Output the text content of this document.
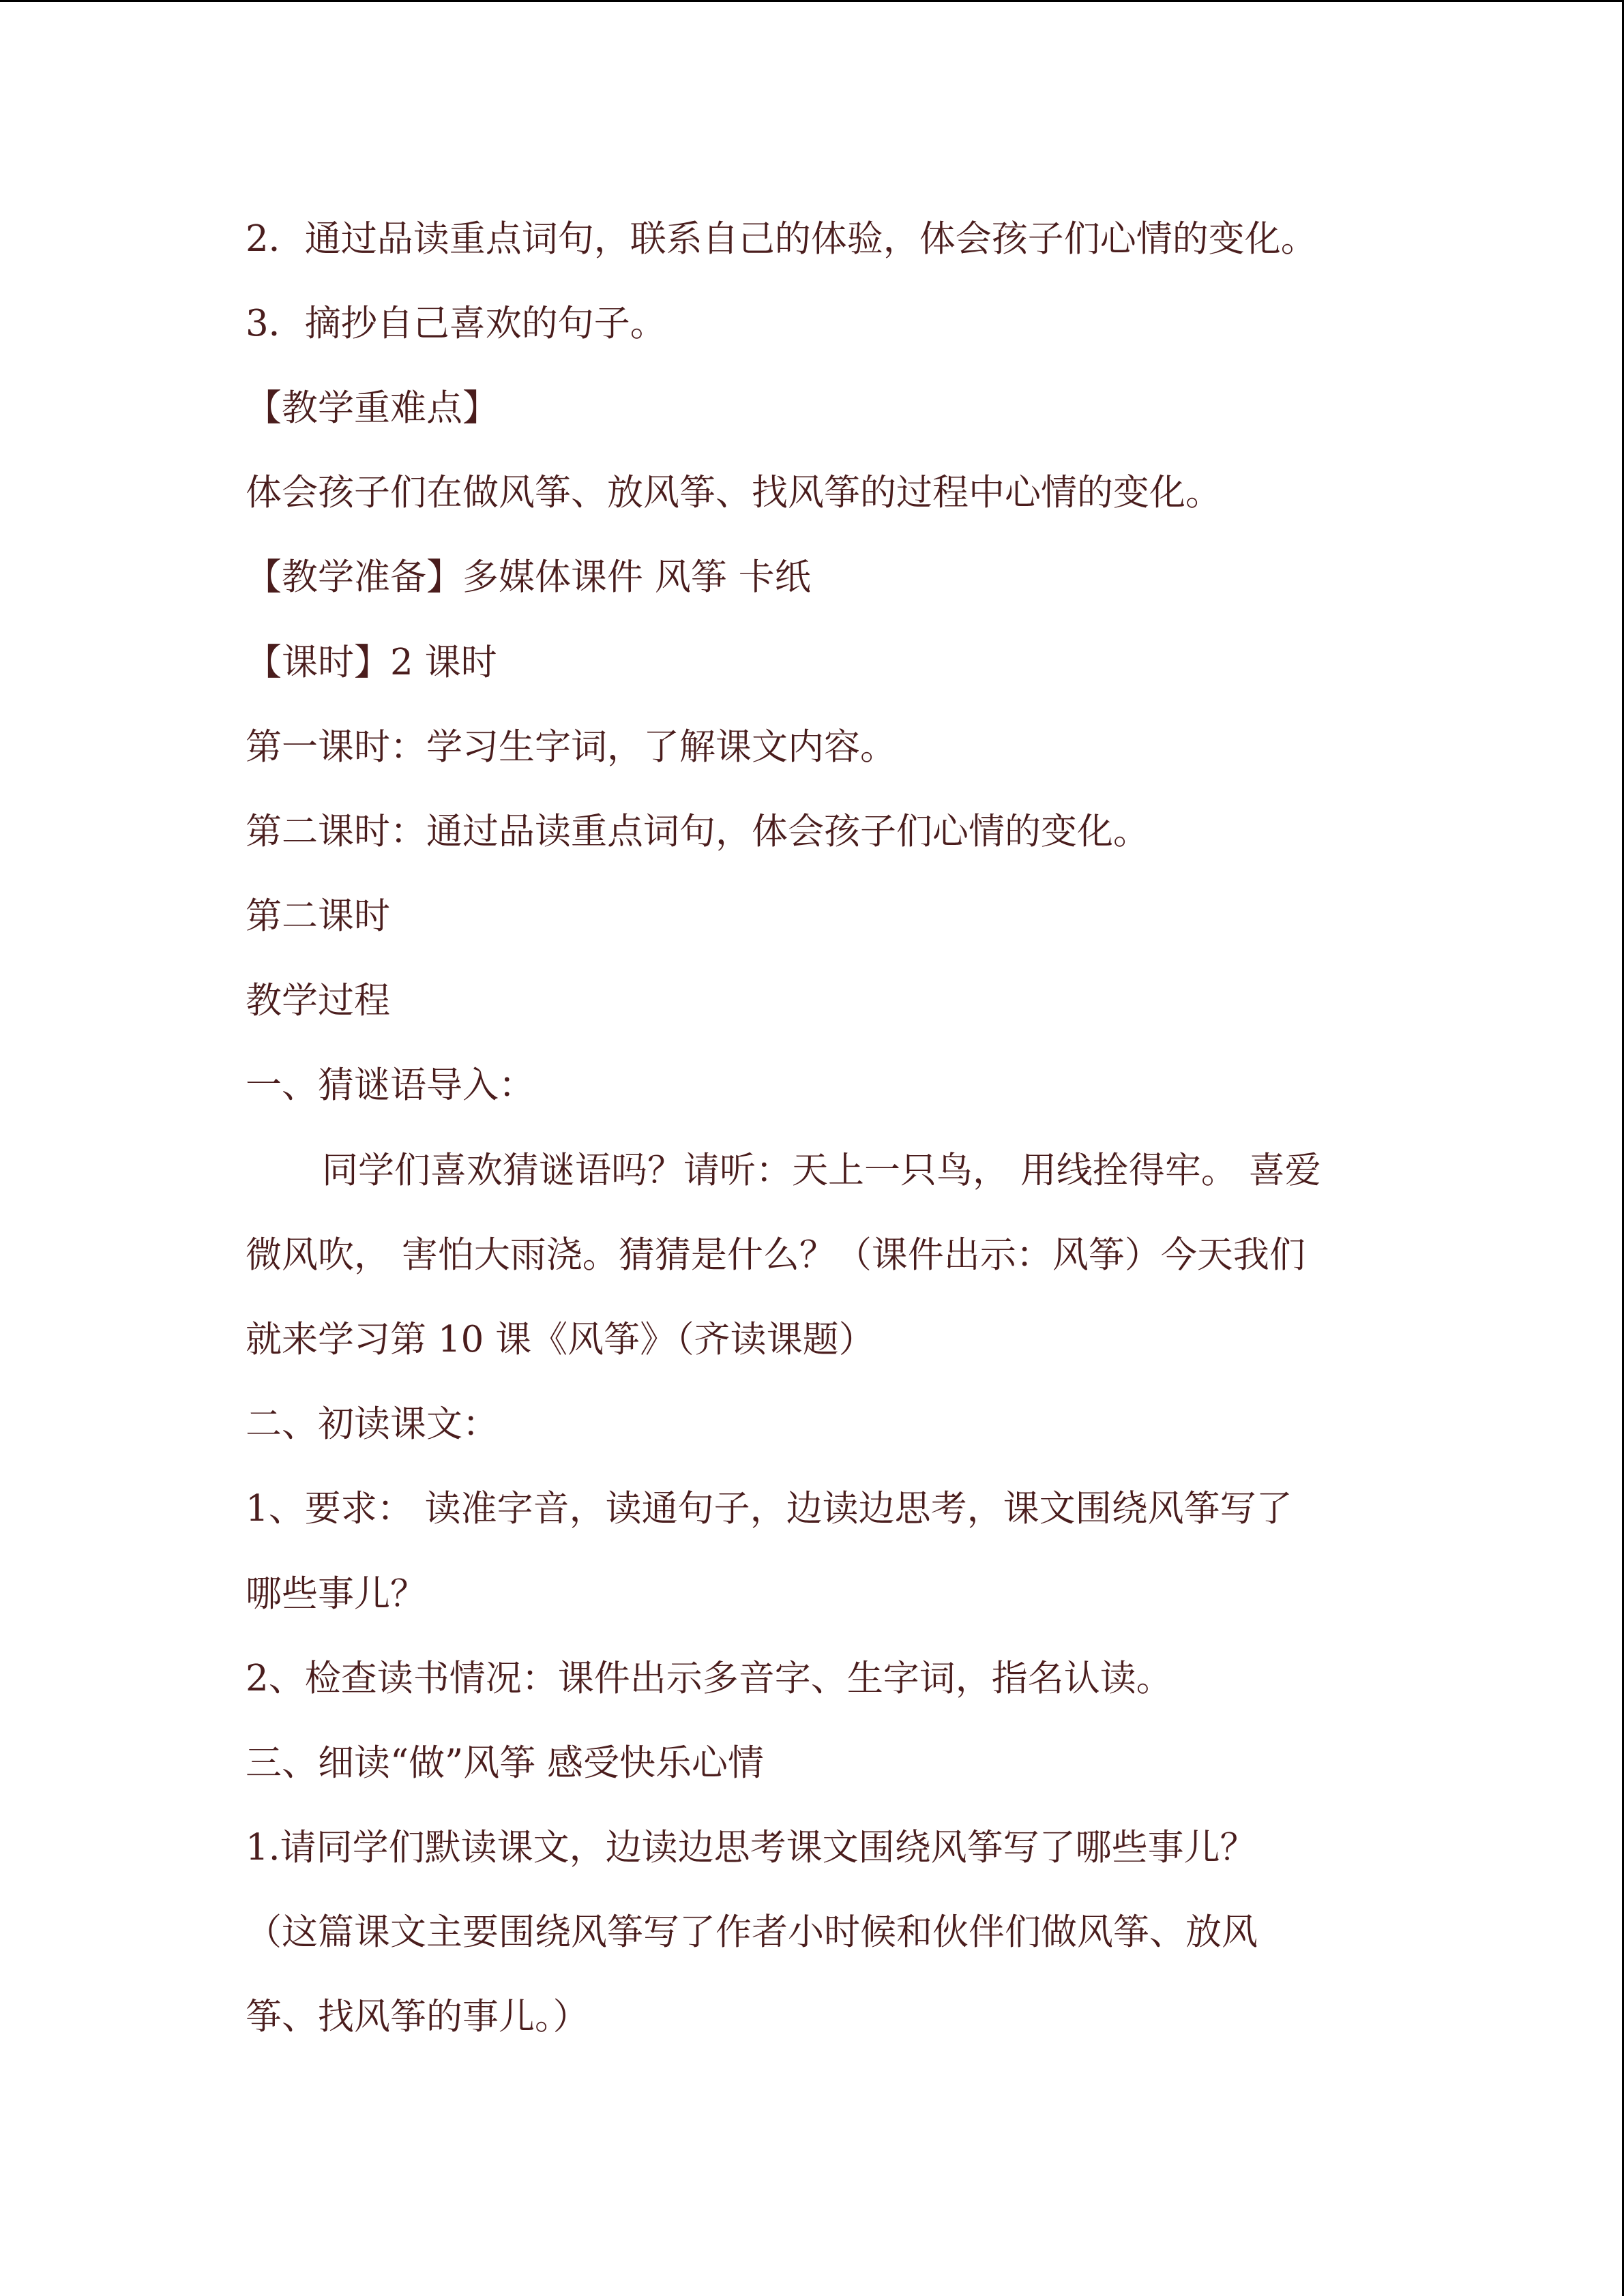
2．通过品读重点词句，联系自己的体验，体会孩子们心情的变化。
3．摘抄自己喜欢的句子。
【教学重难点】
体会孩子们在做风筝、放风筝、找风筝的过程中心情的变化。
【教学准备】多媒体课件 风筝 卡纸
【课时】2 课时
第一课时：学习生字词，了解课文内容。
第二课时：通过品读重点词句，体会孩子们心情的变化。
第二课时
教学过程
一、猜谜语导入：
同学们喜欢猜谜语吗？请听：天上一只鸟， 用线拴得牢。 喜爱
微风吹， 害怕大雨浇。猜猜是什么？（课件出示：风筝）今天我们
就来学习第 10 课《风筝》（齐读课题）
二、初读课文：
1、要求： 读准字音，读通句子，边读边思考，课文围绕风筝写了
哪些事儿？
2、检查读书情况：课件出示多音字、生字词，指名认读。
三、细读“做”风筝 感受快乐心情
1.请同学们默读课文，边读边思考课文围绕风筝写了哪些事儿？
（这篇课文主要围绕风筝写了作者小时候和伙伴们做风筝、放风
筝、找风筝的事儿。）
